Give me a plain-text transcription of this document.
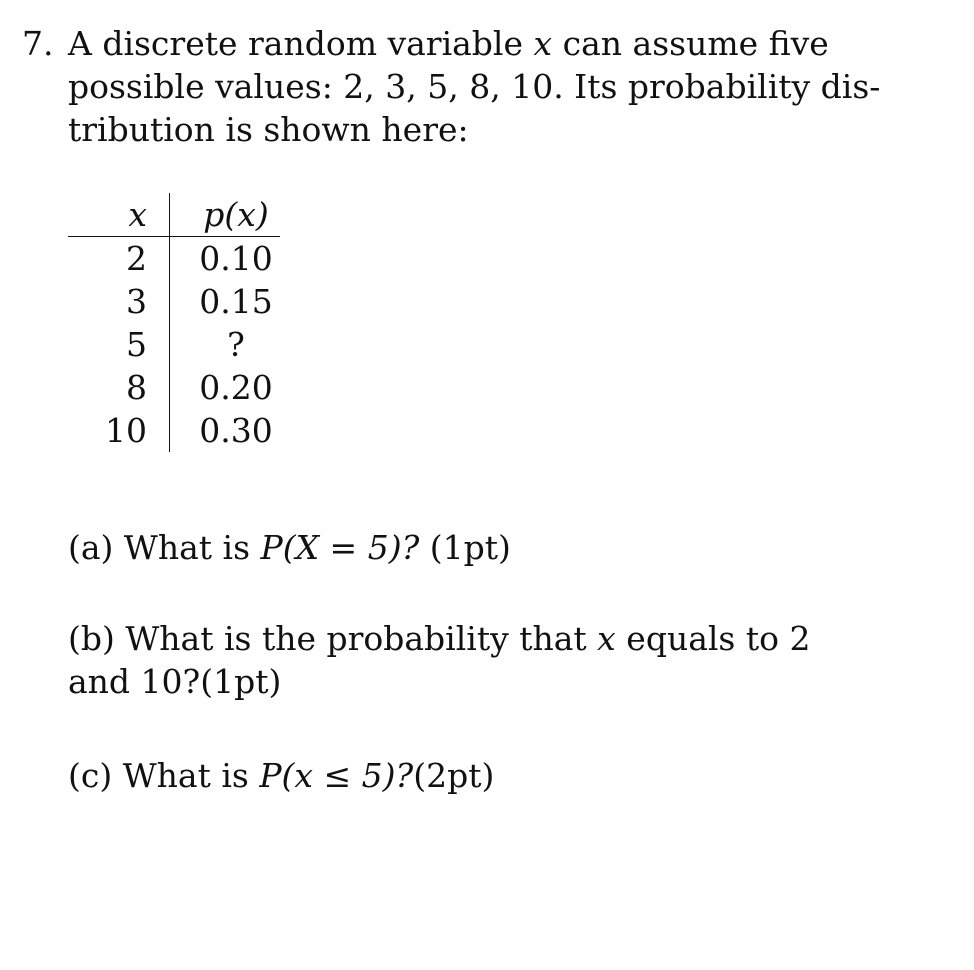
7. A discrete random variable x can assume five
possible values: 2, 3, 5, 8, 10. Its probability dis-
tribution is shown here:
x	p(x)
2	0.10
3	0.15
5	?
8	0.20
10	0.30
(a) What is P(X = 5)? (1pt)
(b) What is the probability that x equals to 2
and 10?(1pt)
(c) What is P(x ≤ 5)?(2pt)
